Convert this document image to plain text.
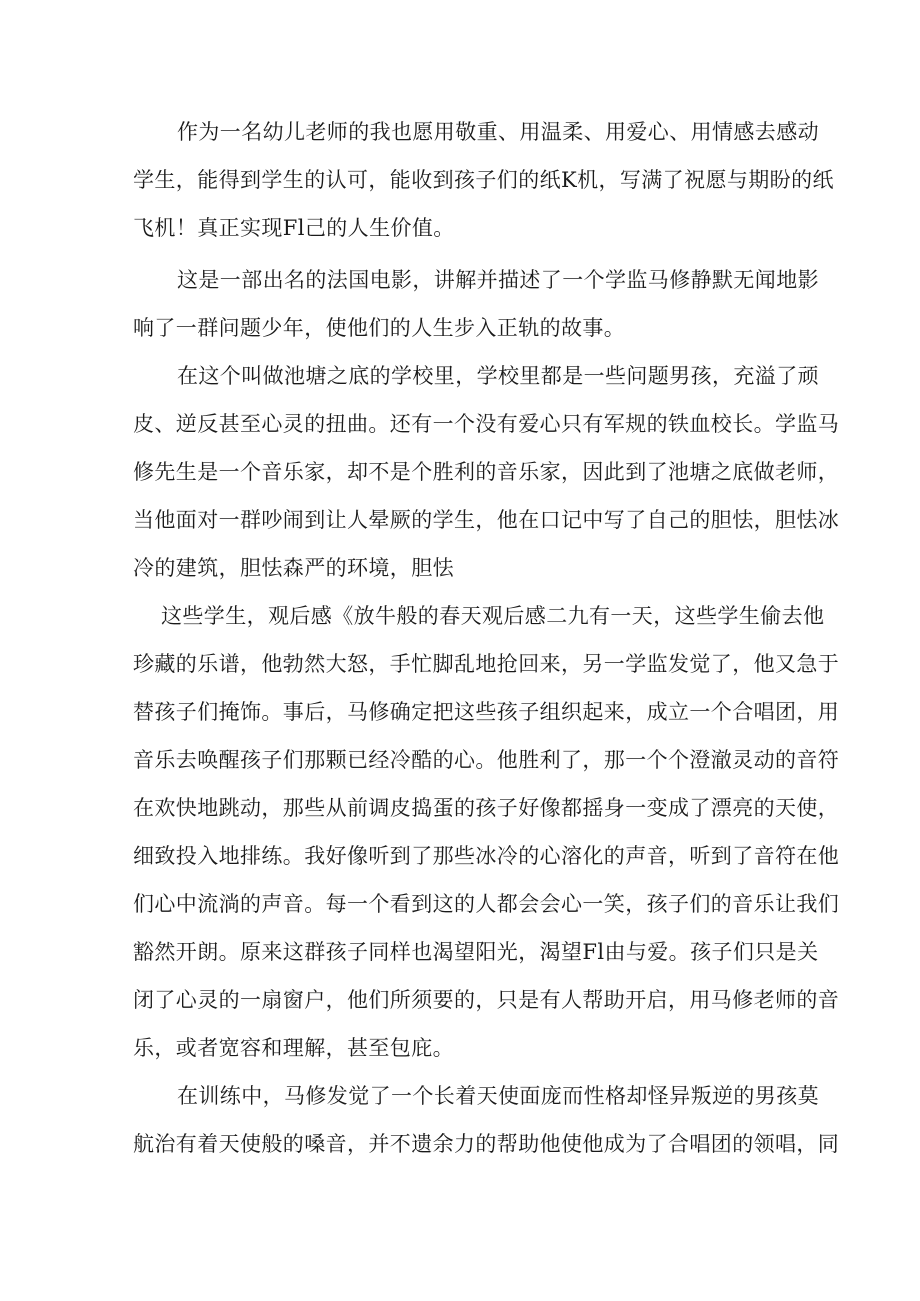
作为一名幼儿老师的我也愿用敬重、用温柔、用爱心、用情感去感动

学生，能得到学生的认可，能收到孩子们的纸K机，写满了祝愿与期盼的纸

飞机！真正实现Fl己的人生价值。

这是一部出名的法国电影，讲解并描述了一个学监马修静默无闻地影

响了一群问题少年，使他们的人生步入正轨的故事。

在这个叫做池塘之底的学校里，学校里都是一些问题男孩，充溢了顽

皮、逆反甚至心灵的扭曲。还有一个没有爱心只有军规的铁血校长。学监马

修先生是一个音乐家，却不是个胜利的音乐家，因此到了池塘之底做老师，

当他面对一群吵闹到让人晕厥的学生，他在口记中写了自己的胆怯，胆怯冰

冷的建筑，胆怯森严的环境，胆怯

这些学生，观后感《放牛般的春天观后感二九有一天，这些学生偷去他

珍藏的乐谱，他勃然大怒，手忙脚乱地抢回来，另一学监发觉了，他又急于

替孩子们掩饰。事后，马修确定把这些孩子组织起来，成立一个合唱团，用

音乐去唤醒孩子们那颗已经冷酷的心。他胜利了，那一个个澄澈灵动的音符

在欢快地跳动，那些从前调皮捣蛋的孩子好像都摇身一变成了漂亮的天使，

细致投入地排练。我好像听到了那些冰冷的心溶化的声音，听到了音符在他

们心中流淌的声音。每一个看到这的人都会会心一笑，孩子们的音乐让我们

豁然开朗。原来这群孩子同样也渴望阳光，渴望Fl由与爱。孩子们只是关

闭了心灵的一扇窗户，他们所须要的，只是有人帮助开启，用马修老师的音

乐，或者宽容和理解，甚至包庇。

在训练中，马修发觉了一个长着天使面庞而性格却怪异叛逆的男孩莫

航治有着天使般的嗓音，并不遗余力的帮助他使他成为了合唱团的领唱，同
